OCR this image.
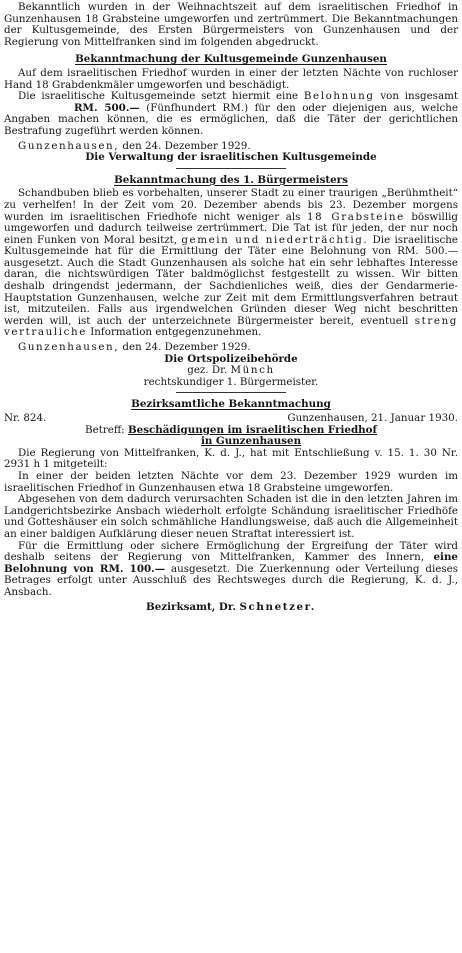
Bekanntlich wurden in der Weihnachtszeit auf dem israelitischen Friedhof in Gunzenhausen 18 Grabsteine umgeworfen und zertrümmert. Die Bekanntmachungen der Kultusgemeinde, des Ersten Bürgermeisters von Gunzenhausen und der Regierung von Mittelfranken sind im folgenden abgedruckt.

Bekanntmachung der Kultusgemeinde Gunzenhausen

Auf dem israelitischen Friedhof wurden in einer der letzten Nächte von ruchloser Hand 18 Grabdenkmäler umgeworfen und beschädigt.

Die israelitische Kultusgemeinde setzt hiermit eine Belohnung von insgesamt RM. 500.— (Fünfhundert RM.) für den oder diejenigen aus, welche Angaben machen können, die es ermöglichen, daß die Täter der gerichtlichen Bestrafung zugeführt werden können.

Gunzenhausen, den 24. Dezember 1929.

Die Verwaltung der israelitischen Kultusgemeinde

Bekanntmachung des 1. Bürgermeisters

Schandbuben blieb es vorbehalten, unserer Stadt zu einer traurigen „Berühmtheit“ zu verhelfen! In der Zeit vom 20. Dezember abends bis 23. Dezember morgens wurden im israelitischen Friedhofe nicht weniger als 18 Grabsteine böswillig umgeworfen und dadurch teilweise zertrümmert. Die Tat ist für jeden, der nur noch einen Funken von Moral besitzt, gemein und niederträchtig. Die israelitische Kultusgemeinde hat für die Ermittlung der Täter eine Belohnung von RM. 500.— ausgesetzt. Auch die Stadt Gunzenhausen als solche hat ein sehr lebhaftes Interesse daran, die nichtswürdigen Täter baldmöglichst festgestellt zu wissen. Wir bitten deshalb dringendst jedermann, der Sachdienliches weiß, dies der Gendarmerie-Hauptstation Gunzenhausen, welche zur Zeit mit dem Ermittlungsverfahren betraut ist, mitzuteilen. Falls aus irgendwelchen Gründen dieser Weg nicht beschritten werden will, ist auch der unterzeichnete Bürgermeister bereit, eventuell streng vertrauliche Information entgegenzunehmen.

Gunzenhausen, den 24. Dezember 1929.

Die Ortspolizeibehörde

gez. Dr. Münch

rechtskundiger 1. Bürgermeister.

Bezirksamtliche Bekanntmachung
Nr. 824.	Gunzenhausen, 21. Januar 1930.
Betreff: Beschädigungen im israelitischen Friedhof
in Gunzenhausen

Die Regierung von Mittelfranken, K. d. J., hat mit Entschließung v. 15. 1. 30 Nr. 2931 h 1 mitgeteilt:

In einer der beiden letzten Nächte vor dem 23. Dezember 1929 wurden im israelitischen Friedhof in Gunzenhausen etwa 18 Grabsteine umgeworfen.

Abgesehen von dem dadurch verursachten Schaden ist die in den letzten Jahren im Landgerichtsbezirke Ansbach wiederholt erfolgte Schändung israelitischer Friedhöfe und Gotteshäuser ein solch schmähliche Handlungsweise, daß auch die Allgemeinheit an einer baldigen Aufklärung dieser neuen Straftat interessiert ist.

Für die Ermittlung oder sichere Ermöglichung der Ergreifung der Täter wird deshalb seitens der Regierung von Mittelfranken, Kammer des Innern, eine Belohnung von RM. 100.— ausgesetzt. Die Zuerkennung oder Verteilung dieses Betrages erfolgt unter Ausschluß des Rechtsweges durch die Regierung, K. d. J., Ansbach.

Bezirksamt, Dr. Schnetzer.
